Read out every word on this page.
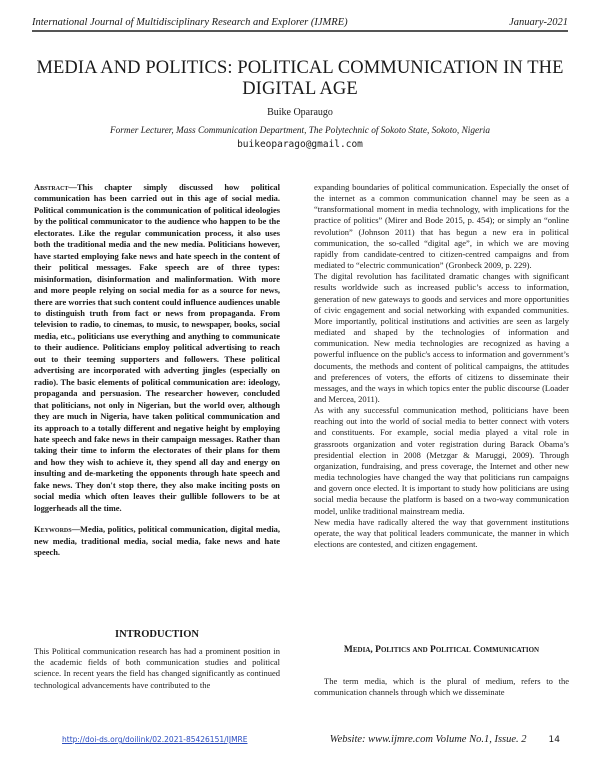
International Journal of Multidisciplinary Research and Explorer (IJMRE)	January-2021
MEDIA AND POLITICS: POLITICAL COMMUNICATION IN THE DIGITAL AGE
Buike Oparaugo
Former Lecturer, Mass Communication Department, The Polytechnic of Sokoto State, Sokoto, Nigeria
buikeoparago@gmail.com

Abstract—This chapter simply discussed how political communication has been carried out in this age of social media. Political communication is the communication of political ideologies by the political communicator to the audience who happen to be the electorates. Like the regular communication process, it also uses both the traditional media and the new media. Politicians however, have started employing fake news and hate speech in the content of their political messages. Fake speech are of three types: misinformation, disinformation and malinformation. With more and more people relying on social media for as a source for news, there are worries that such content could influence audiences unable to distinguish truth from fact or news from propaganda. From television to radio, to cinemas, to music, to newspaper, books, social media, etc., politicians use everything and anything to communicate to their audience. Politicians employ political advertising to reach out to their teeming supporters and followers. These political advertising are incorporated with adverting jingles (especially on radio). The basic elements of political communication are: ideology, propaganda and persuasion. The researcher however, concluded that politicians, not only in Nigerian, but the world over, although they are much in Nigeria, have taken political communication and its approach to a totally different and negative height by employing hate speech and fake news in their campaign messages. Rather than taking their time to inform the electorates of their plans for them and how they wish to achieve it, they spend all day and energy on insulting and de-marketing the opponents through hate speech and fake news. They don't stop there, they also make inciting posts on social media which often leaves their gullible followers to be at loggerheads all the time.

Keywords—Media, politics, political communication, digital media, new media, traditional media, social media, fake news and hate speech.

INTRODUCTION
This Political communication research has had a prominent position in the academic fields of both communication studies and political science. In recent years the field has changed significantly as continued technological advancements have contributed to the

expanding boundaries of political communication. Especially the onset of the internet as a common communication channel may be seen as a “transformational moment in media technology, with implications for the practice of politics” (Mirer and Bode 2015, p. 454); or simply an “online revolution” (Johnson 2011) that has begun a new era in political communication, the so-called “digital age”, in which we are moving rapidly from candidate-centred to citizen-centred campaigns and from mediated to “electric communication” (Gronbeck 2009, p. 229).

The digital revolution has facilitated dramatic changes with significant results worldwide such as increased public’s access to information, generation of new gateways to goods and services and more opportunities of civic engagement and social networking with expanded communities. More importantly, political institutions and activities are seen as largely mediated and shaped by the technologies of information and communication. New media technologies are recognized as having a powerful influence on the public's access to information and government’s documents, the methods and content of political campaigns, the attitudes and preferences of voters, the efforts of citizens to disseminate their messages, and the ways in which topics enter the public discourse (Loader and Mercea, 2011).

As with any successful communication method, politicians have been reaching out into the world of social media to better connect with voters and constituents. For example, social media played a vital role in grassroots organization and voter registration during Barack Obama’s presidential election in 2008 (Metzgar & Maruggi, 2009). Through organization, fundraising, and press coverage, the Internet and other new media technologies have changed the way that politicians run campaigns and govern once elected. It is important to study how politicians are using social media because the platform is based on a two-way communication model, unlike traditional mainstream media.

New media have radically altered the way that government institutions operate, the way that political leaders communicate, the manner in which elections are contested, and citizen engagement.

Media, Politics and Political Communication
The term media, which is the plural of medium, refers to the communication channels through which we disseminate
http://doi-ds.org/doilink/02.2021-85426151/IJMRE	Website: www.ijmre.com Volume No.1, Issue. 2 14
